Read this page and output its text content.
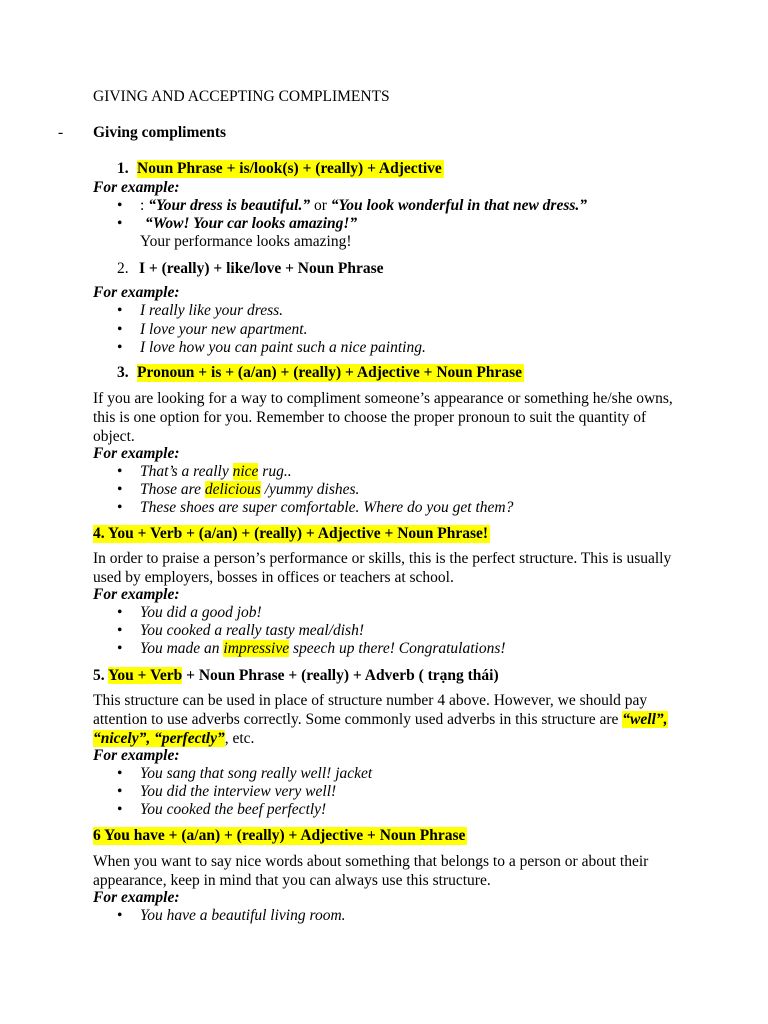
GIVING AND ACCEPTING COMPLIMENTS
- Giving compliments
1. Noun Phrase + is/look(s) + (really) + Adjective
For example:
• : “Your dress is beautiful.” or “You look wonderful in that new dress.”
• “Wow! Your car looks amazing!”
Your performance looks amazing!
2. I + (really) + like/love + Noun Phrase
For example:
• I really like your dress.
• I love your new apartment.
• I love how you can paint such a nice painting.
3. Pronoun + is + (a/an) + (really) + Adjective + Noun Phrase
If you are looking for a way to compliment someone’s appearance or something he/she owns, this is one option for you. Remember to choose the proper pronoun to suit the quantity of object.
For example:
• That’s a really nice rug..
• Those are delicious /yummy dishes.
• These shoes are super comfortable. Where do you get them?
4. You + Verb + (a/an) + (really) + Adjective + Noun Phrase!
In order to praise a person’s performance or skills, this is the perfect structure. This is usually used by employers, bosses in offices or teachers at school.
For example:
• You did a good job!
• You cooked a really tasty meal/dish!
• You made an impressive speech up there! Congratulations!
5. You + Verb + Noun Phrase + (really) + Adverb ( trạng thái)
This structure can be used in place of structure number 4 above. However, we should pay attention to use adverbs correctly. Some commonly used adverbs in this structure are “well”, “nicely”, “perfectly”, etc.
For example:
• You sang that song really well! jacket
• You did the interview very well!
• You cooked the beef perfectly!
6 You have + (a/an) + (really) + Adjective + Noun Phrase
When you want to say nice words about something that belongs to a person or about their appearance, keep in mind that you can always use this structure.
For example:
• You have a beautiful living room.
